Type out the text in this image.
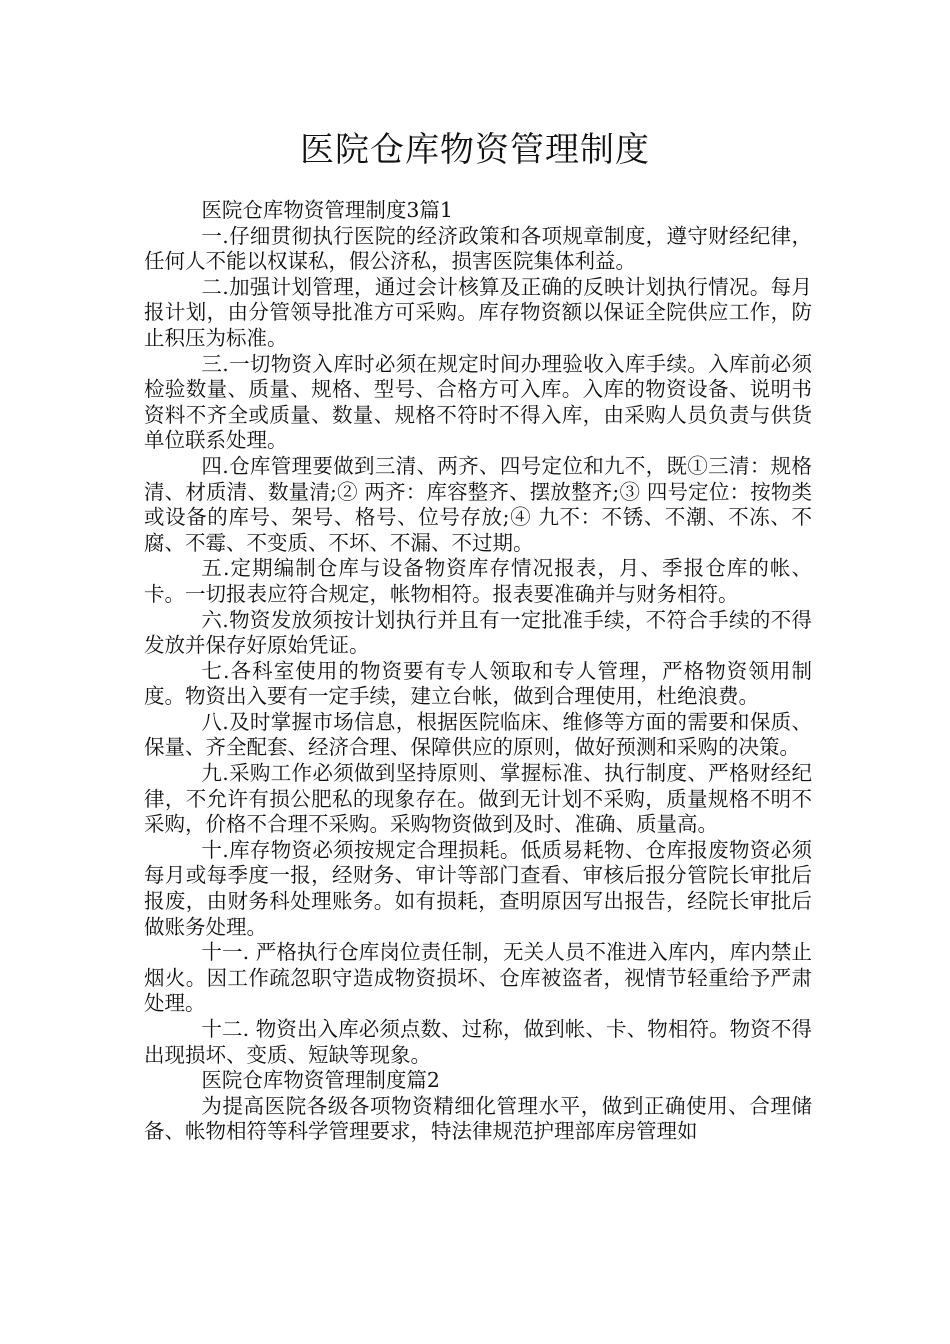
医院仓库物资管理制度

医院仓库物资管理制度3篇1

一.仔细贯彻执行医院的经济政策和各项规章制度，遵守财经纪律，任何人不能以权谋私，假公济私，损害医院集体利益。

二.加强计划管理，通过会计核算及正确的反映计划执行情况。每月报计划，由分管领导批准方可采购。库存物资额以保证全院供应工作，防止积压为标准。

三.一切物资入库时必须在规定时间办理验收入库手续。入库前必须检验数量、质量、规格、型号、合格方可入库。入库的物资设备、说明书资料不齐全或质量、数量、规格不符时不得入库，由采购人员负责与供货单位联系处理。

四.仓库管理要做到三清、两齐、四号定位和九不，既①三清：规格清、材质清、数量清;② 两齐：库容整齐、摆放整齐;③ 四号定位：按物类或设备的库号、架号、格号、位号存放;④ 九不：不锈、不潮、不冻、不腐、不霉、不变质、不坏、不漏、不过期。

五.定期编制仓库与设备物资库存情况报表，月、季报仓库的帐、卡。一切报表应符合规定，帐物相符。报表要准确并与财务相符。

六.物资发放须按计划执行并且有一定批准手续，不符合手续的不得发放并保存好原始凭证。

七.各科室使用的物资要有专人领取和专人管理，严格物资领用制度。物资出入要有一定手续，建立台帐，做到合理使用，杜绝浪费。

八.及时掌握市场信息，根据医院临床、维修等方面的需要和保质、保量、齐全配套、经济合理、保障供应的原则，做好预测和采购的决策。

九.采购工作必须做到坚持原则、掌握标准、执行制度、严格财经纪律，不允许有损公肥私的现象存在。做到无计划不采购，质量规格不明不采购，价格不合理不采购。采购物资做到及时、准确、质量高。

十.库存物资必须按规定合理损耗。低质易耗物、仓库报废物资必须每月或每季度一报，经财务、审计等部门查看、审核后报分管院长审批后报废，由财务科处理账务。如有损耗，查明原因写出报告，经院长审批后做账务处理。

十一. 严格执行仓库岗位责任制，无关人员不准进入库内，库内禁止烟火。因工作疏忽职守造成物资损坏、仓库被盗者，视情节轻重给予严肃处理。

十二. 物资出入库必须点数、过称，做到帐、卡、物相符。物资不得出现损坏、变质、短缺等现象。

医院仓库物资管理制度篇2

为提高医院各级各项物资精细化管理水平，做到正确使用、合理储备、帐物相符等科学管理要求，特法律规范护理部库房管理如
